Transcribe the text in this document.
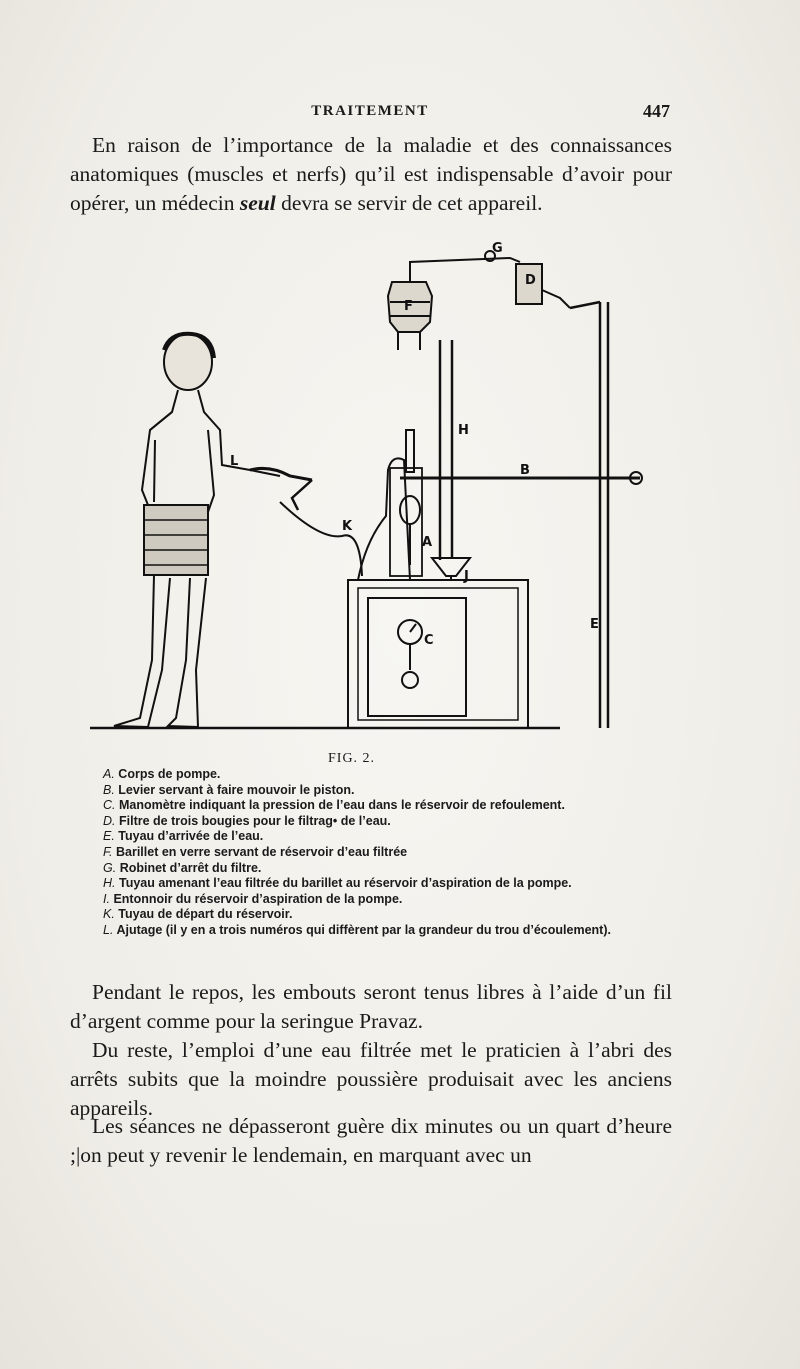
TRAITEMENT	447
En raison de l’importance de la maladie et des connaissances anatomiques (muscles et nerfs) qu’il est indispensable d’avoir pour opérer, un médecin seul devra se servir de cet appareil.
G
D
F
H
L
B
K
A
J
C
E
FIG. 2.
A. Corps de pompe.
B. Levier servant à faire mouvoir le piston.
C. Manomètre indiquant la pression de l’eau dans le réservoir de refoulement.
D. Filtre de trois bougies pour le filtrag• de l’eau.
E. Tuyau d’arrivée de l’eau.
F. Barillet en verre servant de réservoir d’eau filtrée
G. Robinet d’arrêt du filtre.
H. Tuyau amenant l’eau filtrée du barillet au réservoir d’aspiration de la pompe.
I. Entonnoir du réservoir d’aspiration de la pompe.
K. Tuyau de départ du réservoir.
L. Ajutage (il y en a trois numéros qui diffèrent par la grandeur du trou d’écoulement).
Pendant le repos, les embouts seront tenus libres à l’aide d’un fil d’argent comme pour la seringue Pravaz.
Du reste, l’emploi d’une eau filtrée met le praticien à l’abri des arrêts subits que la moindre poussière produisait avec les anciens appareils.
Les séances ne dépasseront guère dix minutes ou un quart d’heure ;|on peut y revenir le lendemain, en marquant avec un
